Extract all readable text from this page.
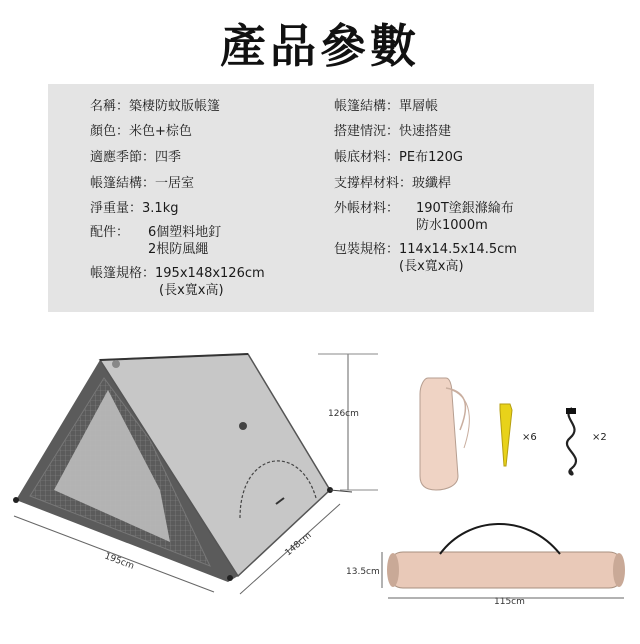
產品參數
名稱：築棲防蚊版帳篷
顏色：米色+棕色
適應季節：四季
帳篷結構：一居室
淨重量：3.1kg
配件： 6個塑料地釘
2根防風繩
帳篷規格： 195x148x126cm
(長x寬x高)
帳篷結構：單層帳
搭建情況：快速搭建
帳底材料：PE布120G
支撐桿材料：玻纖桿
外帳材料： 190T塗銀滌綸布
防水1000m
包裝規格： 114x14.5x14.5cm
(長x寬x高)
126cm
195cm
148cm
13.5cm
115cm
×6	×2
